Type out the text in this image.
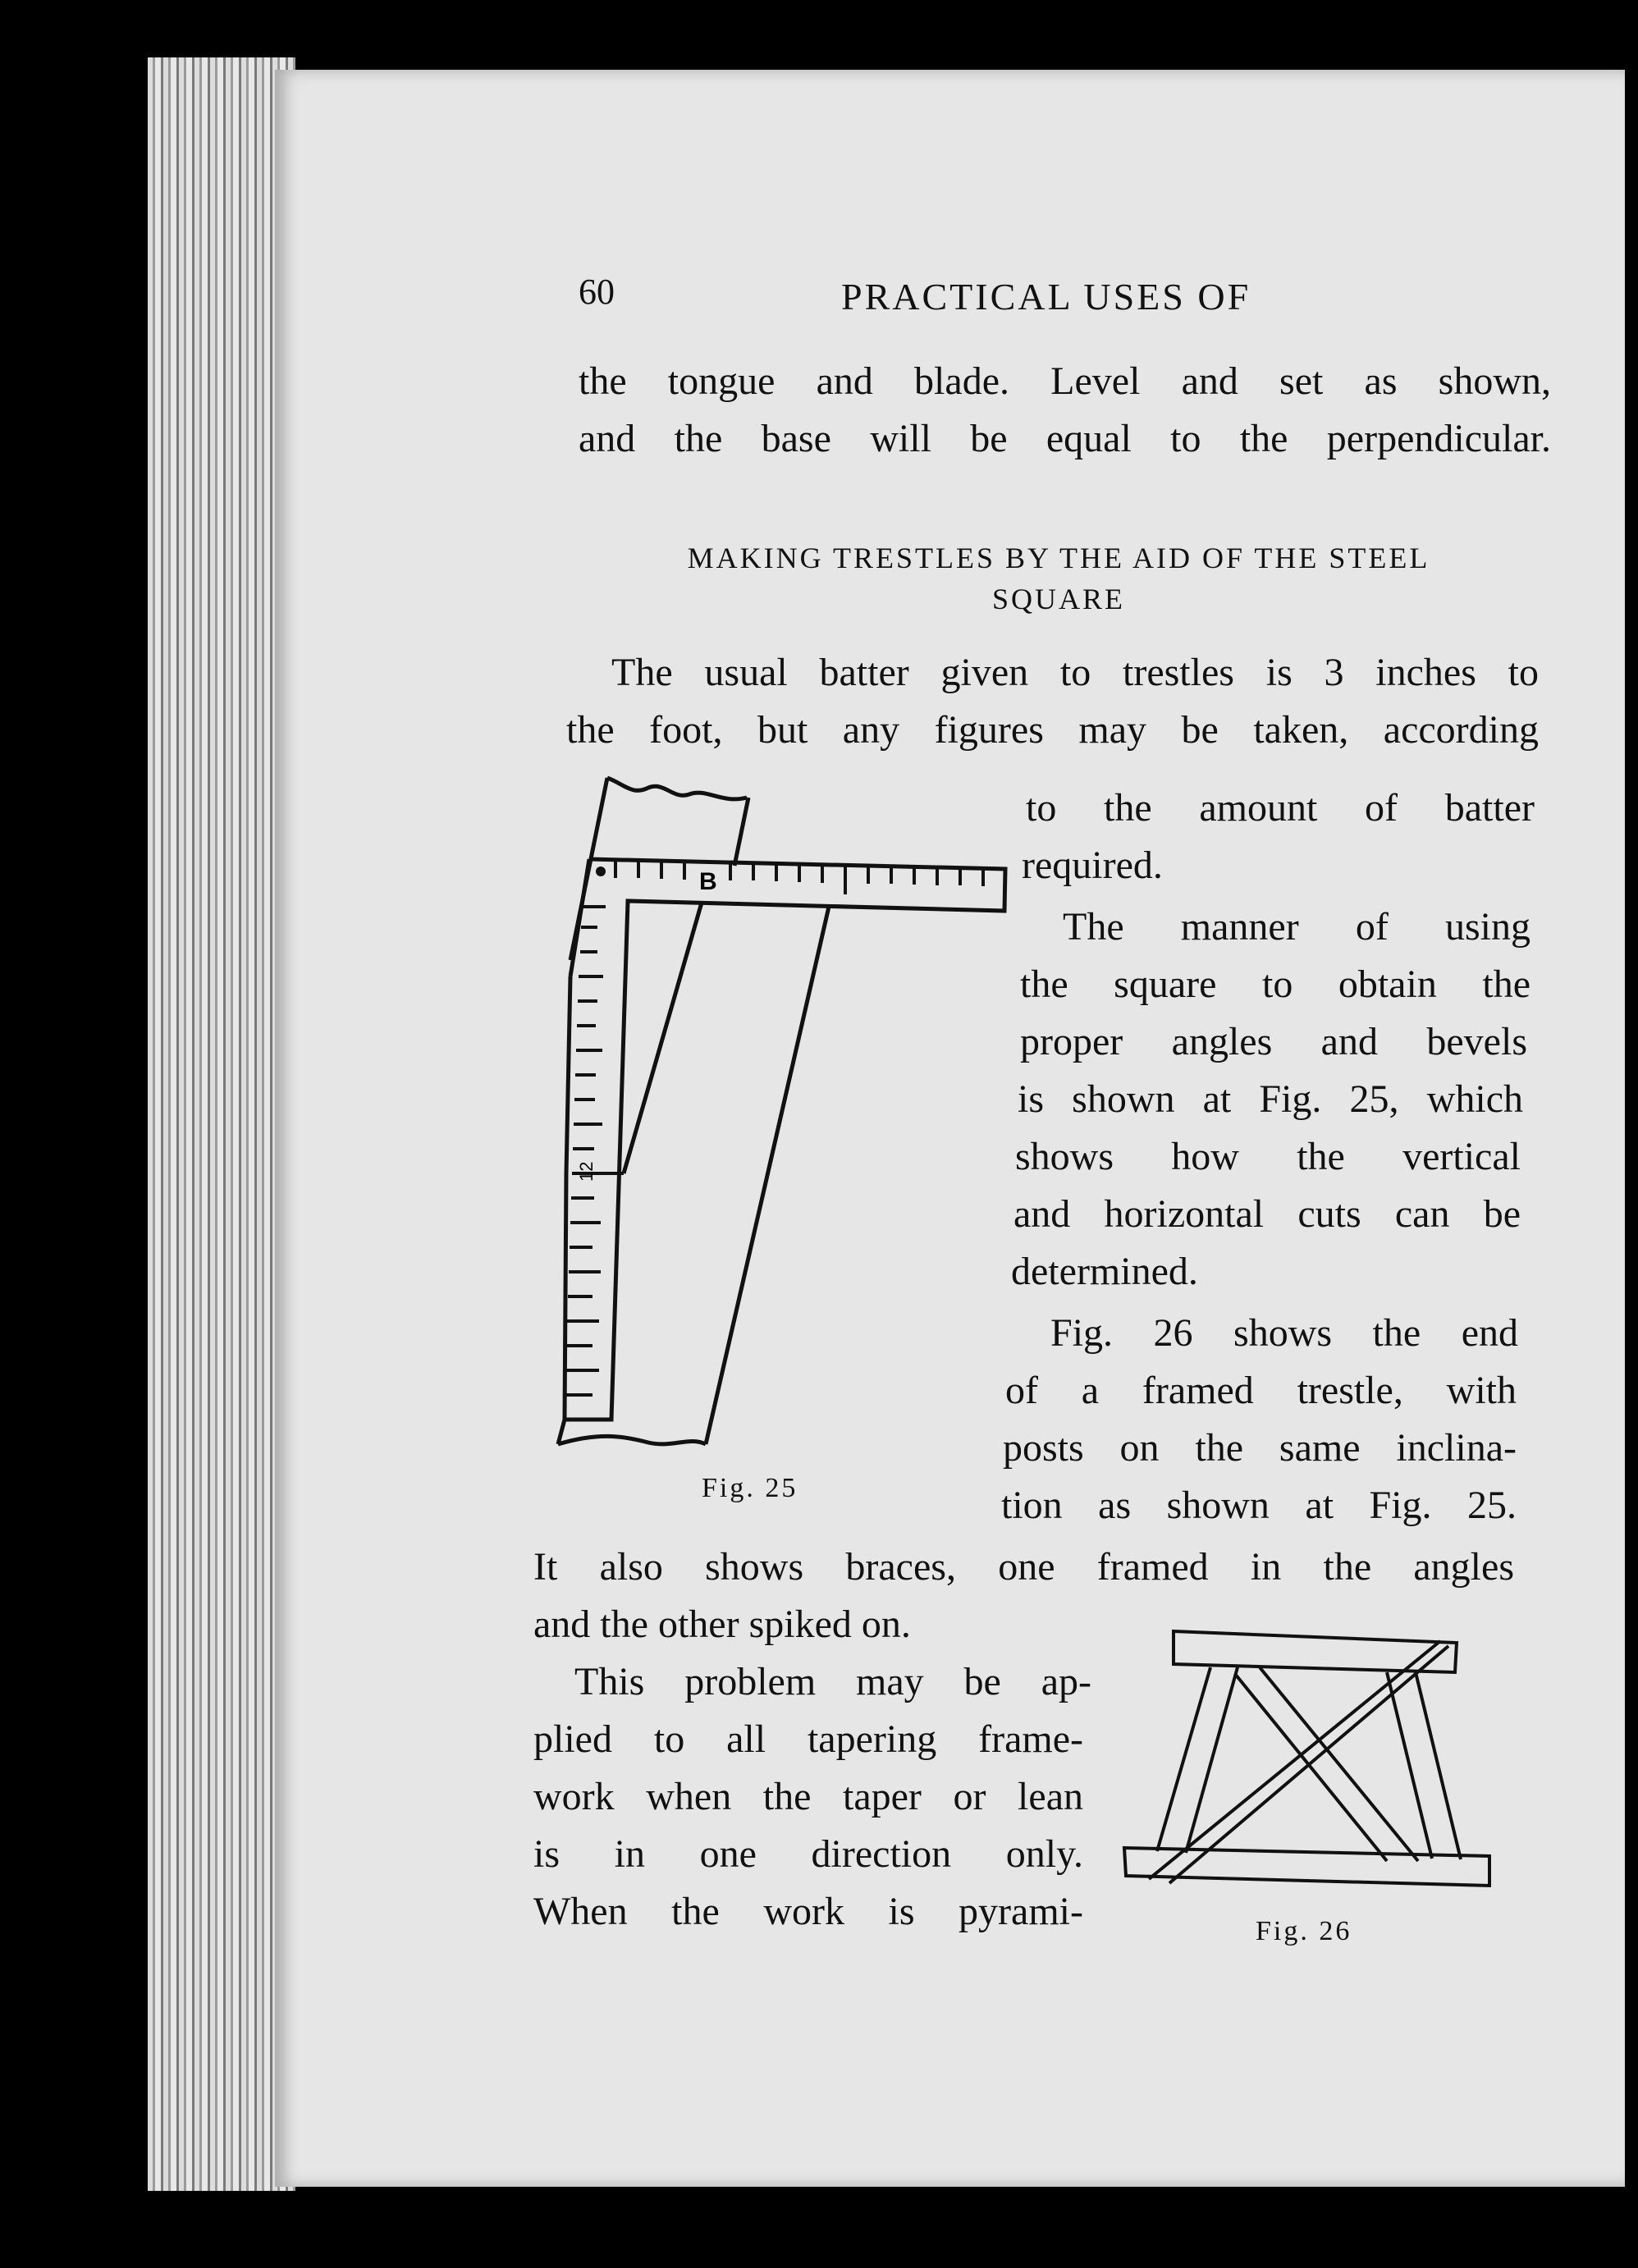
60	PRACTICAL USES OF
the tongue and blade. Level and set as shown,
and the base will be equal to the perpendicular.
MAKING TRESTLES BY THE AID OF THE STEEL
SQUARE
The usual batter given to trestles is 3 inches to
the foot, but any figures may be taken, according
to the amount of batter
required.
The manner of using
the square to obtain the
proper angles and bevels
is shown at Fig. 25, which
shows how the vertical
and horizontal cuts can be
determined.
Fig. 26 shows the end
of a framed trestle, with
posts on the same inclina-
tion as shown at Fig. 25.
It also shows braces, one framed in the angles
and the other spiked on.
This problem may be ap-
plied to all tapering frame-
work when the taper or lean
is in one direction only.
When the work is pyrami-
B
12
Fig. 25
Fig. 26
